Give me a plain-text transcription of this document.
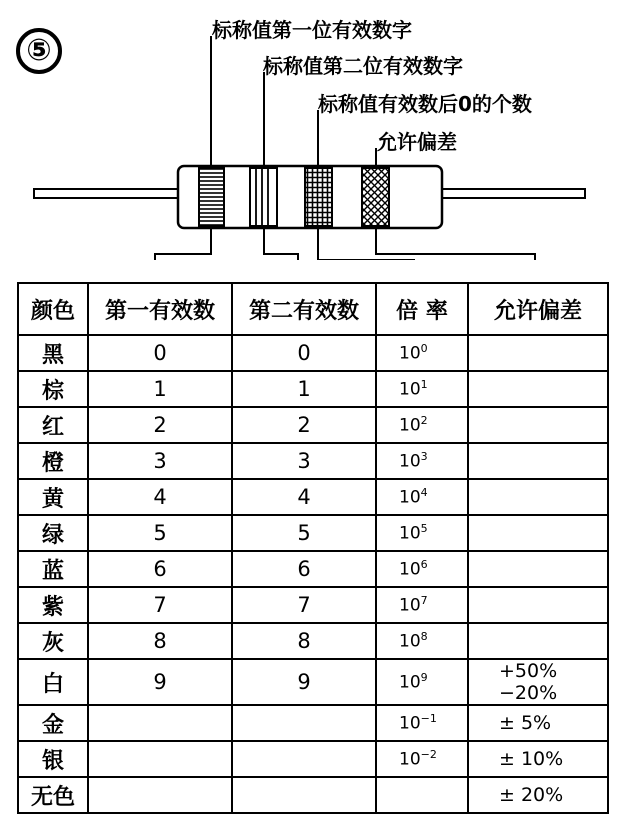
⑤
标称值第一位有效数字
标称值第二位有效数字
标称值有效数后0的个数
允许偏差
颜色	第一有效数	第二有效数	倍 率	允许偏差
黑	0	0	$10^0$	
棕	1	1	$10^1$	
红	2	2	$10^2$	
橙	3	3	$10^3$	
黄	4	4	$10^4$	
绿	5	5	$10^5$	
蓝	6	6	$10^6$	
紫	7	7	$10^7$	
灰	8	8	$10^8$	
白	9	9	$10^9$	+50% −20%
金			$10^{-1}$	± 5%
银			$10^{-2}$	± 10%
无色				± 20%
